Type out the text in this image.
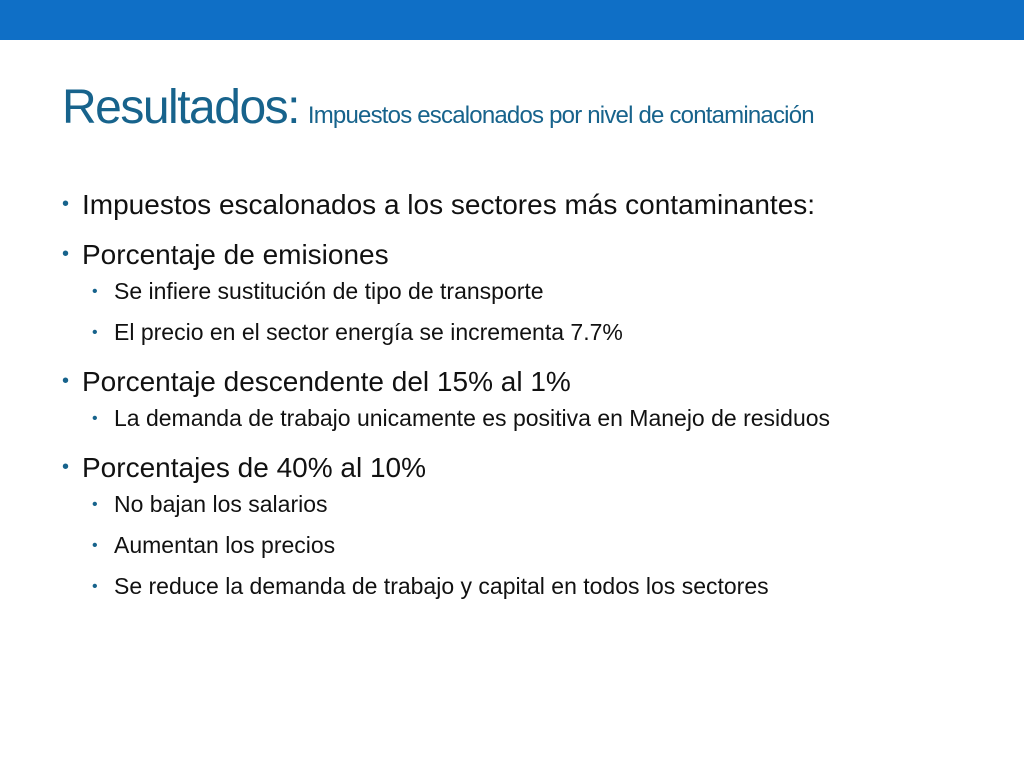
Resultados: Impuestos escalonados por nivel de contaminación
• Impuestos escalonados a los sectores más contaminantes:
• Porcentaje de emisiones
• Se infiere sustitución de tipo de transporte
• El precio en el sector energía se incrementa 7.7%
• Porcentaje descendente del 15% al 1%
• La demanda de trabajo unicamente es positiva en Manejo de residuos
• Porcentajes de 40% al 10%
• No bajan los salarios
• Aumentan los precios
• Se reduce la demanda de trabajo y capital en todos los sectores
